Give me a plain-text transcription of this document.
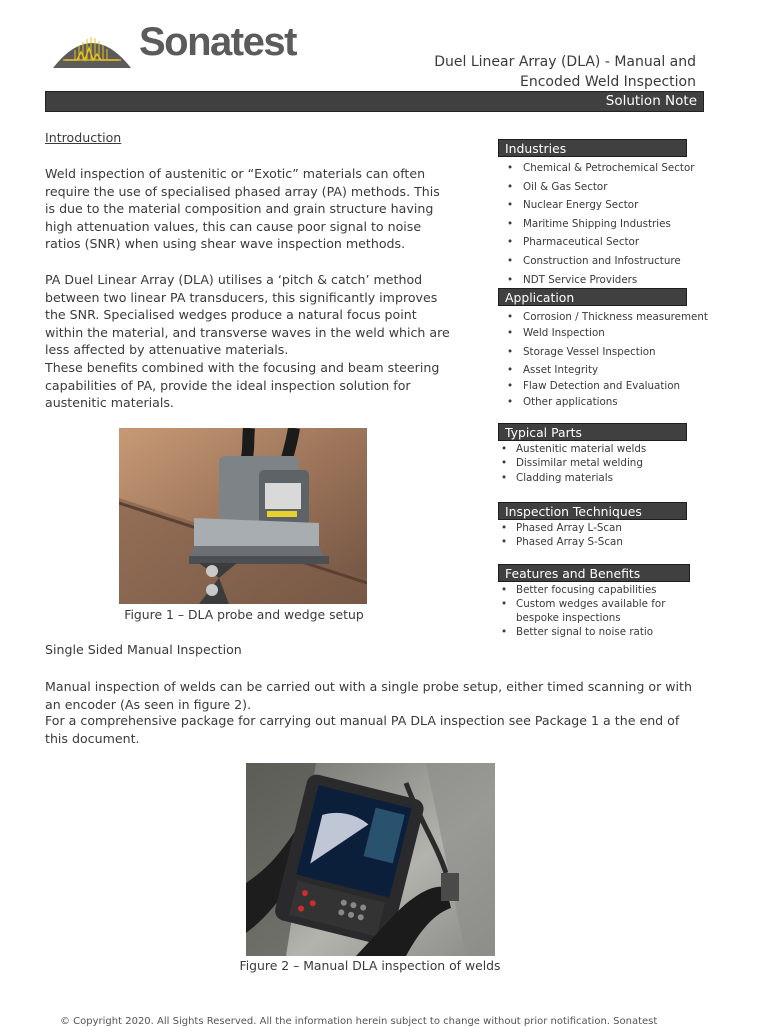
Sonatest	Duel Linear Array (DLA) - Manual and
Encoded Weld Inspection
Solution Note
Introduction

Weld inspection of austenitic or “Exotic” materials can often require the use of specialised phased array (PA) methods. This is due to the material composition and grain structure having high attenuation values, this can cause poor signal to noise ratios (SNR) when using shear wave inspection methods.

PA Duel Linear Array (DLA) utilises a ‘pitch & catch’ method between two linear PA transducers, this significantly improves the SNR. Specialised wedges produce a natural focus point within the material, and transverse waves in the weld which are less affected by attenuative materials.

These benefits combined with the focusing and beam steering capabilities of PA, provide the ideal inspection solution for austenitic materials.

Figure 1 – DLA probe and wedge setup
Single Sided Manual Inspection

Manual inspection of welds can be carried out with a single probe setup, either timed scanning or with an encoder (As seen in figure 2).

For a comprehensive package for carrying out manual PA DLA inspection see Package 1 a the end of this document.

Figure 2 – Manual DLA inspection of welds
© Copyright 2020. All Sights Reserved. All the information herein subject to change without prior notification. Sonatest
Industries
• Chemical & Petrochemical Sector
• Oil & Gas Sector
• Nuclear Energy Sector
• Maritime Shipping Industries
• Pharmaceutical Sector
• Construction and Infostructure
• NDT Service Providers
Application
• Corrosion / Thickness measurement
• Weld Inspection
• Storage Vessel Inspection
• Asset Integrity
• Flaw Detection and Evaluation
• Other applications
Typical Parts
• Austenitic material welds
• Dissimilar metal welding
• Cladding materials
Inspection Techniques
• Phased Array L-Scan
• Phased Array S-Scan
Features and Benefits
• Better focusing capabilities
• Custom wedges available for bespoke inspections
• Better signal to noise ratio
